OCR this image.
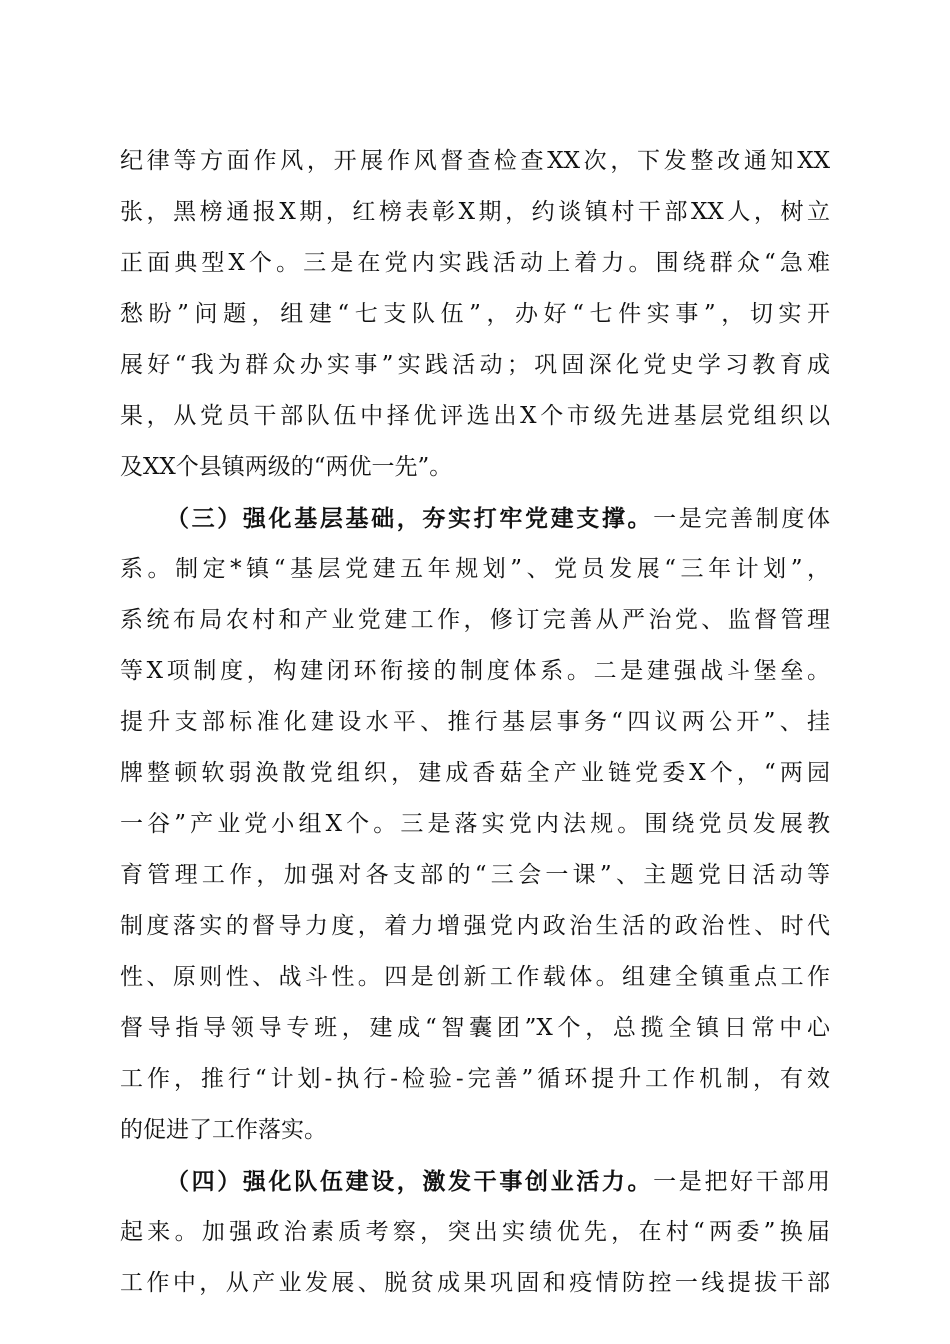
纪律等方面作风，开展作风督查检查XX次，下发整改通知XX
张，黑榜通报X期，红榜表彰X期，约谈镇村干部XX人，树立
正面典型X个。三是在党内实践活动上着力。围绕群众“急难
愁盼”问题，组建“七支队伍”，办好“七件实事”，切实开
展好“我为群众办实事”实践活动；巩固深化党史学习教育成
果，从党员干部队伍中择优评选出X个市级先进基层党组织以
及XX个县镇两级的“两优一先”。
（三）强化基层基础，夯实打牢党建支撑。一是完善制度体
系。制定*镇“基层党建五年规划”、党员发展“三年计划”，
系统布局农村和产业党建工作，修订完善从严治党、监督管理
等X项制度，构建闭环衔接的制度体系。二是建强战斗堡垒。
提升支部标准化建设水平、推行基层事务“四议两公开”、挂
牌整顿软弱涣散党组织，建成香菇全产业链党委X个，“两园
一谷”产业党小组X个。三是落实党内法规。围绕党员发展教
育管理工作，加强对各支部的“三会一课”、主题党日活动等
制度落实的督导力度，着力增强党内政治生活的政治性、时代
性、原则性、战斗性。四是创新工作载体。组建全镇重点工作
督导指导领导专班，建成“智囊团”X个，总揽全镇日常中心
工作，推行“计划-执行-检验-完善”循环提升工作机制，有效
的促进了工作落实。
（四）强化队伍建设，激发干事创业活力。一是把好干部用
起来。加强政治素质考察，突出实绩优先，在村“两委”换届
工作中，从产业发展、脱贫成果巩固和疫情防控一线提拔干部
